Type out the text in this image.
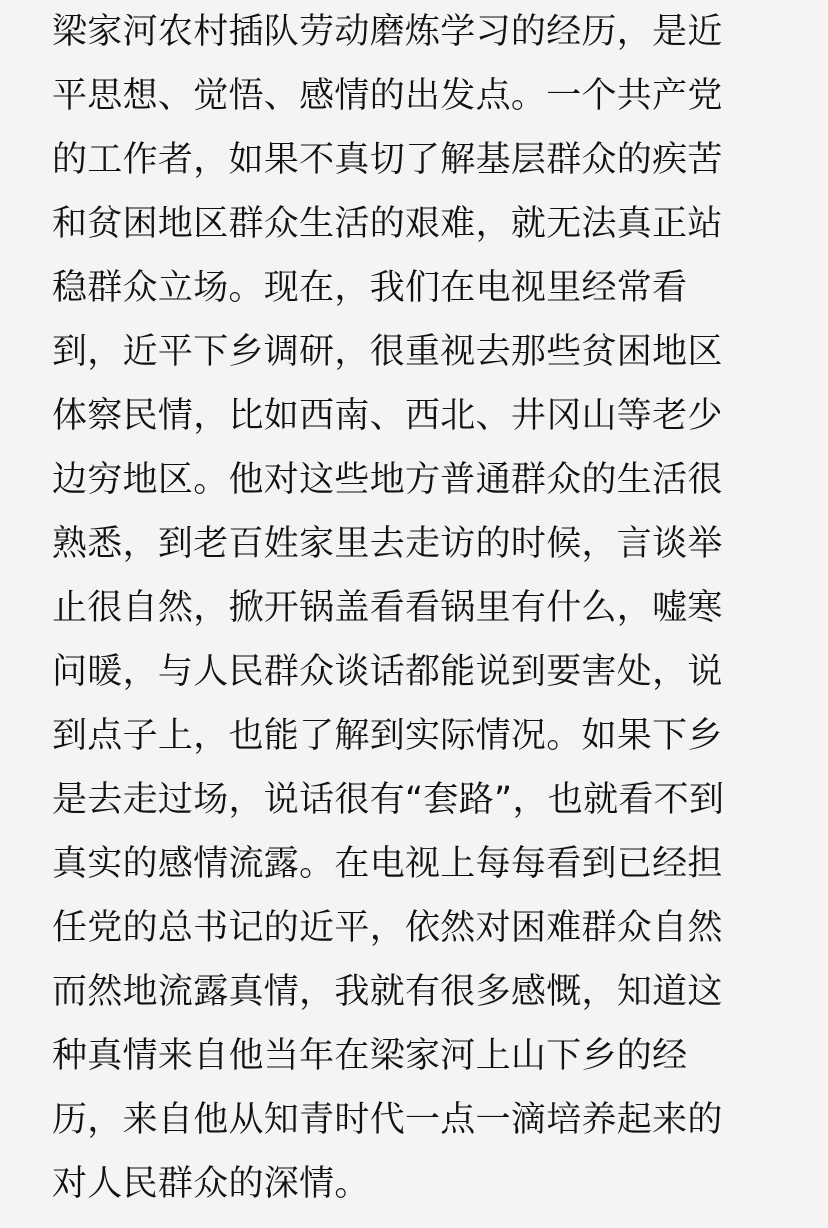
梁家河农村插队劳动磨炼学习的经历，是近
平思想、觉悟、感情的出发点。一个共产党
的工作者，如果不真切了解基层群众的疾苦
和贫困地区群众生活的艰难，就无法真正站
稳群众立场。现在，我们在电视里经常看
到，近平下乡调研，很重视去那些贫困地区
体察民情，比如西南、西北、井冈山等老少
边穷地区。他对这些地方普通群众的生活很
熟悉，到老百姓家里去走访的时候，言谈举
止很自然，掀开锅盖看看锅里有什么，嘘寒
问暖，与人民群众谈话都能说到要害处，说
到点子上，也能了解到实际情况。如果下乡
是去走过场，说话很有“套路”，也就看不到
真实的感情流露。在电视上每每看到已经担
任党的总书记的近平，依然对困难群众自然
而然地流露真情，我就有很多感慨，知道这
种真情来自他当年在梁家河上山下乡的经
历，来自他从知青时代一点一滴培养起来的
对人民群众的深情。
